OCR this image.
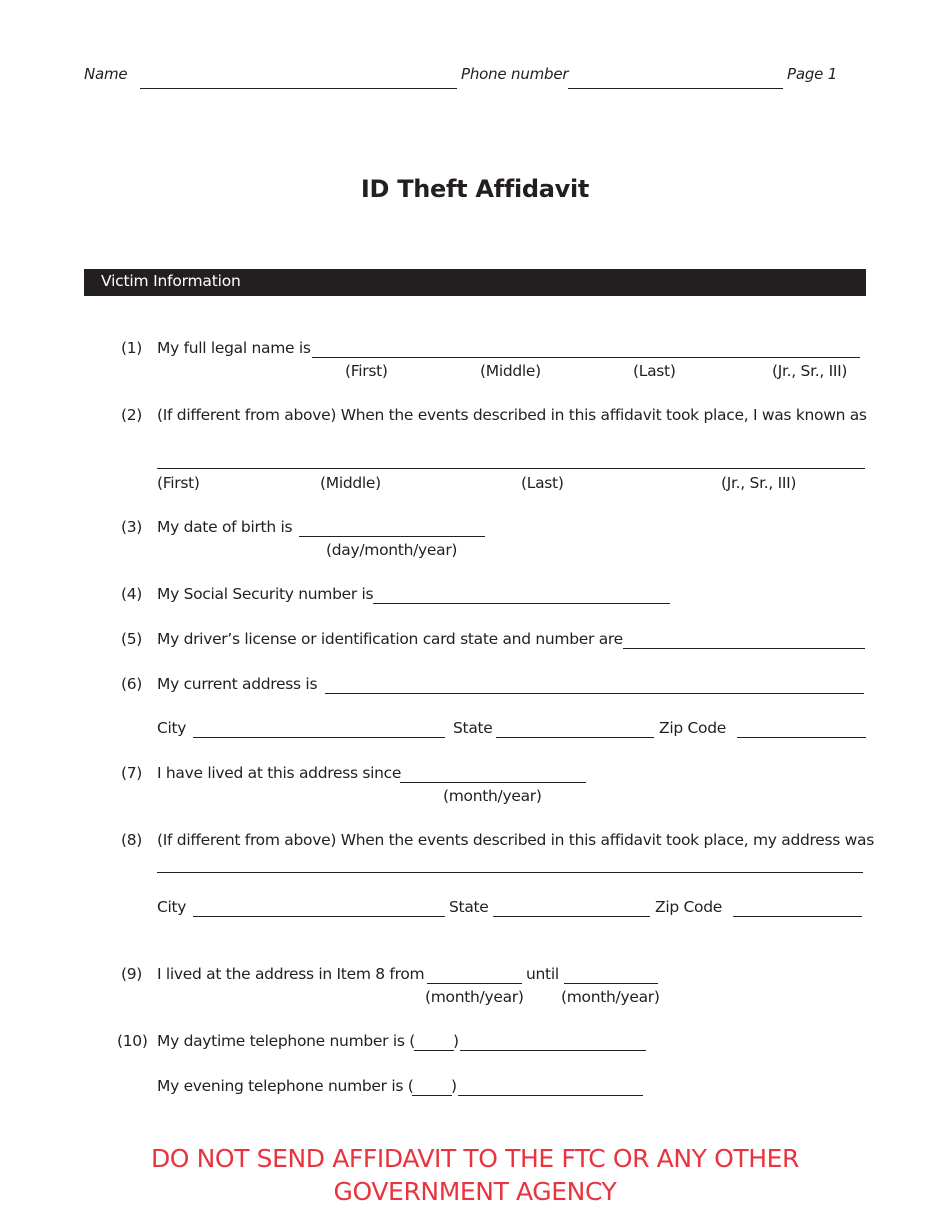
Name	Phone number	Page 1
ID Theft Affidavit
Victim Information
(1) My full legal name is
(First)	(Middle)	(Last)	(Jr., Sr., III)
(2) (If different from above) When the events described in this affidavit took place, I was known as
(First)	(Middle)	(Last)	(Jr., Sr., III)
(3) My date of birth is
(day/month/year)
(4) My Social Security number is
(5) My driver’s license or identification card state and number are
(6) My current address is
City	State	Zip Code
(7) I have lived at this address since
(month/year)
(8) (If different from above) When the events described in this affidavit took place, my address was
City	State	Zip Code
(9) I lived at the address in Item 8 from	until
(month/year) (month/year)
(10) My daytime telephone number is ( )
My evening telephone number is ( )
DO NOT SEND AFFIDAVIT TO THE FTC OR ANY OTHER
GOVERNMENT AGENCY
